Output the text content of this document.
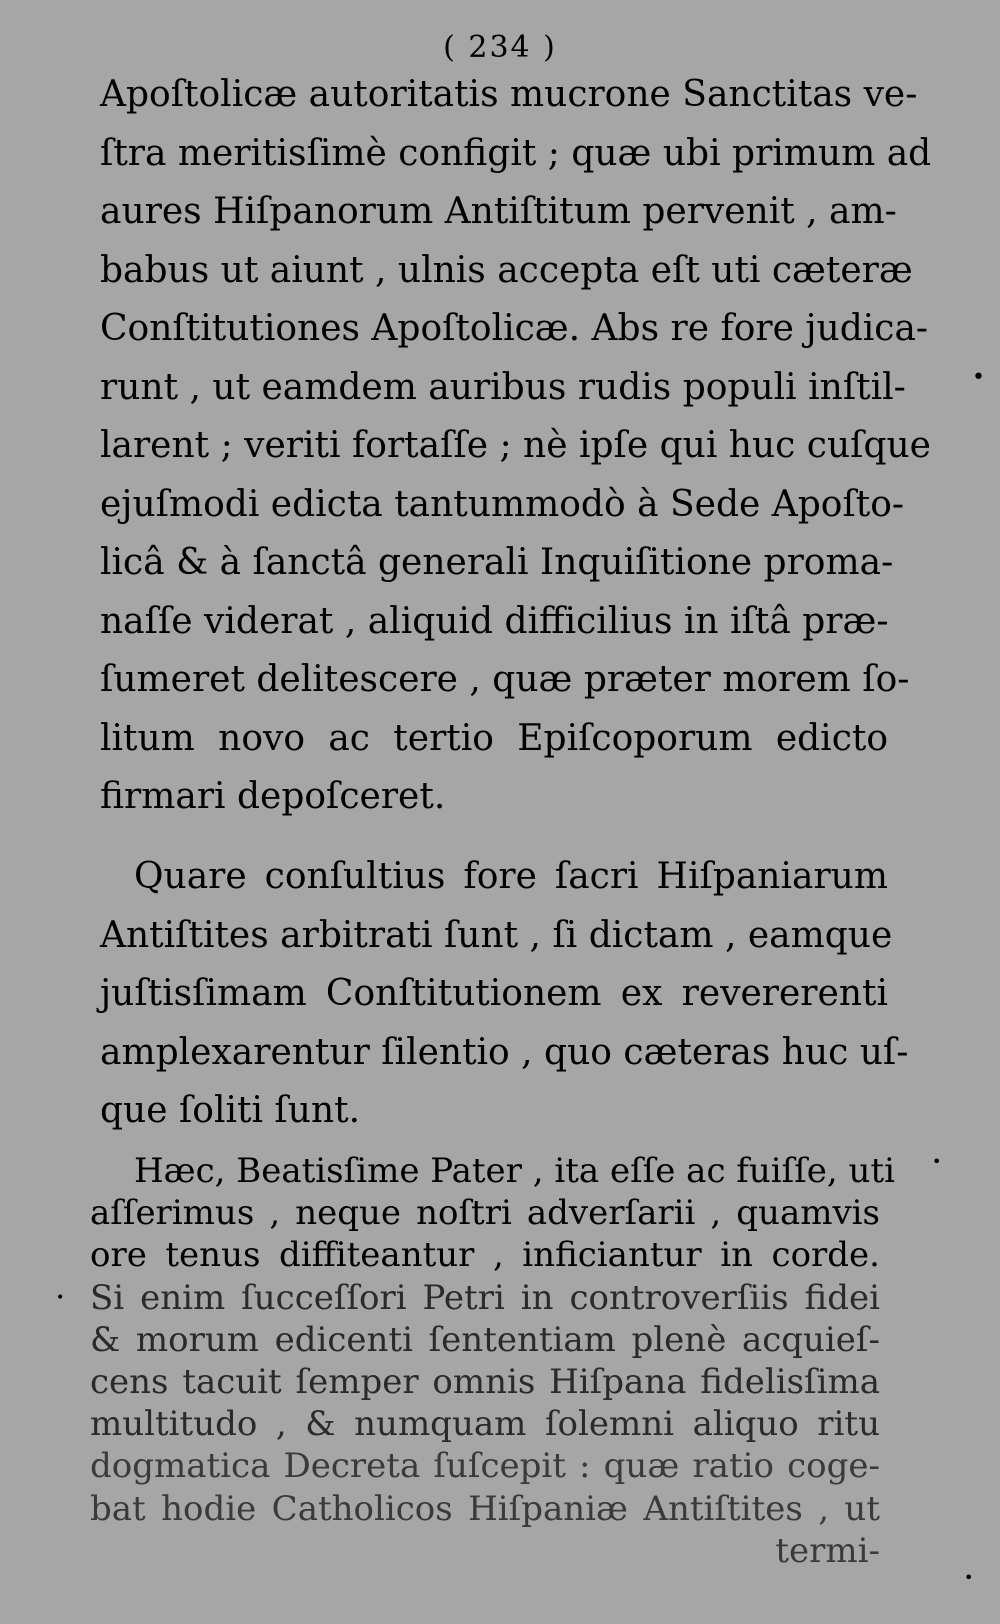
( 234 )
Apoſtolicæ autoritatis mucrone Sanctitas ve-
ſtra meritisſimè configit ; quæ ubi primum ad
aures Hiſpanorum Antiſtitum pervenit , am-
babus ut aiunt , ulnis accepta eſt uti cæteræ
Conſtitutiones Apoſtolicæ. Abs re fore judica-
runt , ut eamdem auribus rudis populi inſtil-
larent ; veriti fortaſſe ; nè ipſe qui huc cuſque
ejuſmodi edicta tantummodò à Sede Apoſto-
licâ & à ſanctâ generali Inquiſitione proma-
naſſe viderat , aliquid difficilius in iſtâ præ-
ſumeret delitescere , quæ præter morem ſo-
litum novo ac tertio Epiſcoporum edicto
firmari depoſceret.
Quare conſultius fore ſacri Hiſpaniarum
Antiſtites arbitrati ſunt , ſi dictam , eamque
juſtisſimam Conſtitutionem ex revererenti
amplexarentur ſilentio , quo cæteras huc uſ-
que ſoliti ſunt.
Hæc, Beatisſime Pater , ita eſſe ac fuiſſe, uti
aſſerimus , neque noſtri adverſarii , quamvis
ore tenus diffiteantur , inficiantur in corde.
Si enim ſucceſſori Petri in controverſiis fidei
& morum edicenti ſententiam plenè acquieſ-
cens tacuit ſemper omnis Hiſpana fidelisſima
multitudo , & numquam ſolemni aliquo ritu
dogmatica Decreta ſuſcepit : quæ ratio coge-
bat hodie Catholicos Hiſpaniæ Antiſtites , ut
termi-
•
•
•
•
